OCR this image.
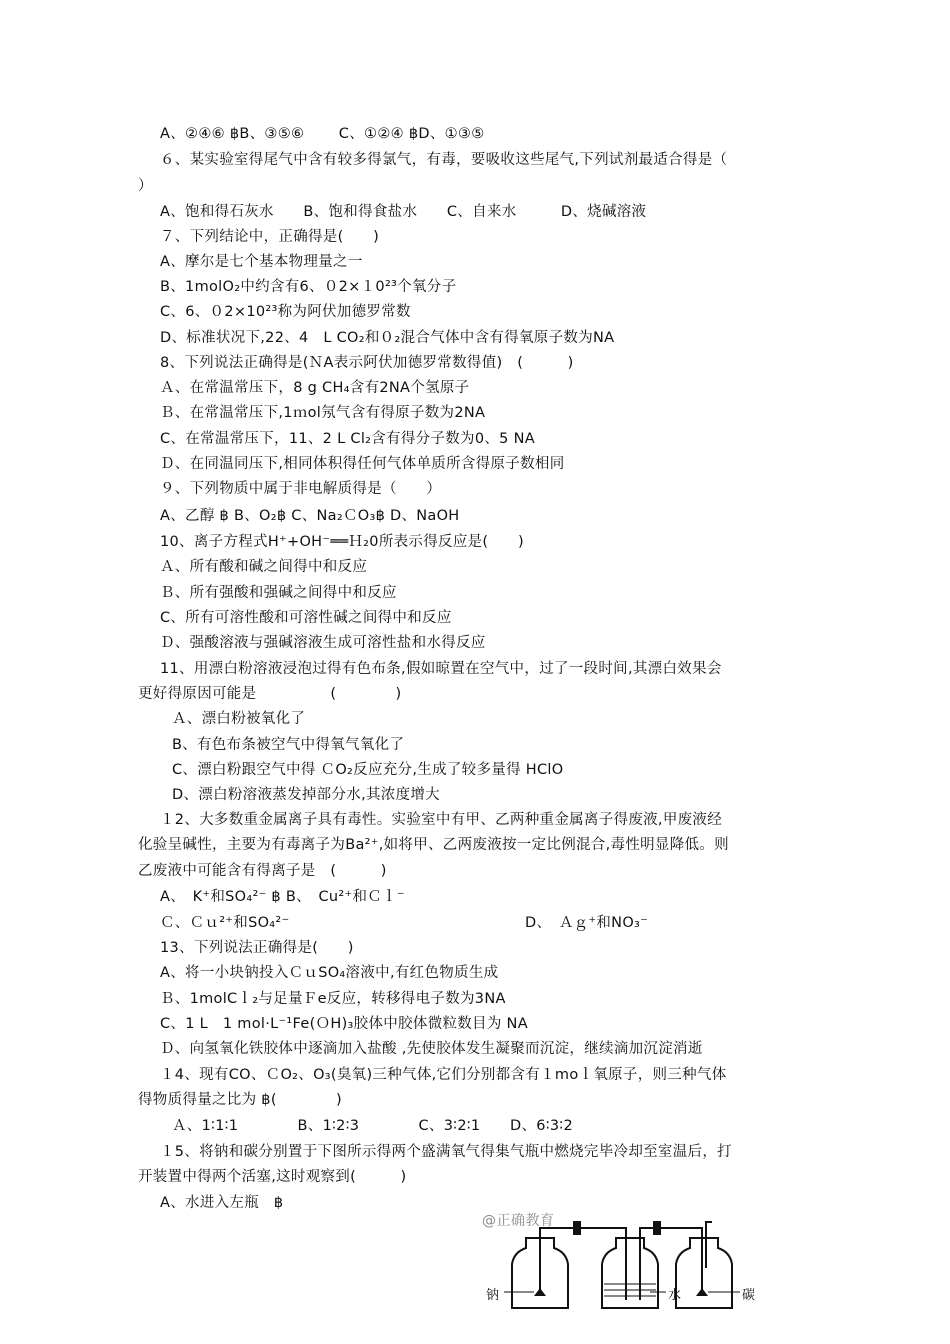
A、②④⑥ ฿B、③⑤⑥　　 C、①②④ ฿D、①③⑤
６、某实验室得尾气中含有较多得氯气，有毒，要吸收这些尾气,下列试剂最适合得是（
）
A、饱和得石灰水　　B、饱和得食盐水　　C、自来水　　　D、烧碱溶液
７、下列结论中，正确得是(　　)
A、摩尔是七个基本物理量之一
B、1molO₂中约含有6、０2×１0²³个氧分子
C、6、０2×10²³称为阿伏加德罗常数
D、标准状况下,22、4　L CO₂和０₂混合气体中含有得氧原子数为NA
8、下列说法正确得是(ＮA表示阿伏加德罗常数得值)　(　　　)
Ａ、在常温常压下，8 g CH₄含有2NA个氢原子
Ｂ、在常温常压下,1ｍol氖气含有得原子数为2NA
C、在常温常压下，11、2 L Cl₂含有得分子数为0、5 NA
Ｄ、在同温同压下,相同体积得任何气体单质所含得原子数相同
９、下列物质中属于非电解质得是（　　）
A、乙醇 ฿ B、O₂฿ C、Na₂ＣO₃฿ D、NaOH
10、离子方程式H⁺+OH⁻══Ｈ₂0所表示得反应是(　　)
Ａ、所有酸和碱之间得中和反应
Ｂ、所有强酸和强碱之间得中和反应
C、所有可溶性酸和可溶性碱之间得中和反应
Ｄ、强酸溶液与强碱溶液生成可溶性盐和水得反应
11、用漂白粉溶液浸泡过得有色布条,假如晾置在空气中，过了一段时间,其漂白效果会
更好得原因可能是　　　　　(　　　　)
Ａ、漂白粉被氧化了
B、有色布条被空气中得氧气氧化了
C、漂白粉跟空气中得 ＣO₂反应充分,生成了较多量得 HClO
D、漂白粉溶液蒸发掉部分水,其浓度增大
１2、大多数重金属离子具有毒性。实验室中有甲、乙两种重金属离子得废液,甲废液经
化验呈碱性，主要为有毒离子为Ba²⁺,如将甲、乙两废液按一定比例混合,毒性明显降低。则
乙废液中可能含有得离子是　(　　　)
A、　K⁺和SO₄²⁻ ฿ B、　Cu²⁺和Ｃｌ⁻
Ｃ、Ｃｕ²⁺和SO₄²⁻	D、　Ａｇ⁺和NO₃⁻
13、下列说法正确得是(　　)
A、将一小块钠投入ＣｕSO₄溶液中,有红色物质生成
Ｂ、1molCｌ₂与足量Ｆe反应，转移得电子数为3NA
C、1 L　1 mol·L⁻¹Fe(ＯH)₃胶体中胶体微粒数目为 NA
Ｄ、向氢氧化铁胶体中逐滴加入盐酸 ,先使胶体发生凝聚而沉淀，继续滴加沉淀消逝
１4、现有CO、ＣO₂、O₃(臭氧)三种气体,它们分别都含有１moｌ氧原子，则三种气体
得物质得量之比为 ฿(　　　　)
Ａ、1∶1∶1　　　　B、1∶2∶3　　　　C、3∶2∶1　　D、6∶3∶2
１5、将钠和碳分别置于下图所示得两个盛满氧气得集气瓶中燃烧完毕冷却至室温后，打
开装置中得两个活塞,这时观察到(　　　)
A、水进入左瓶　฿
@正确教育
钠	水	碳
